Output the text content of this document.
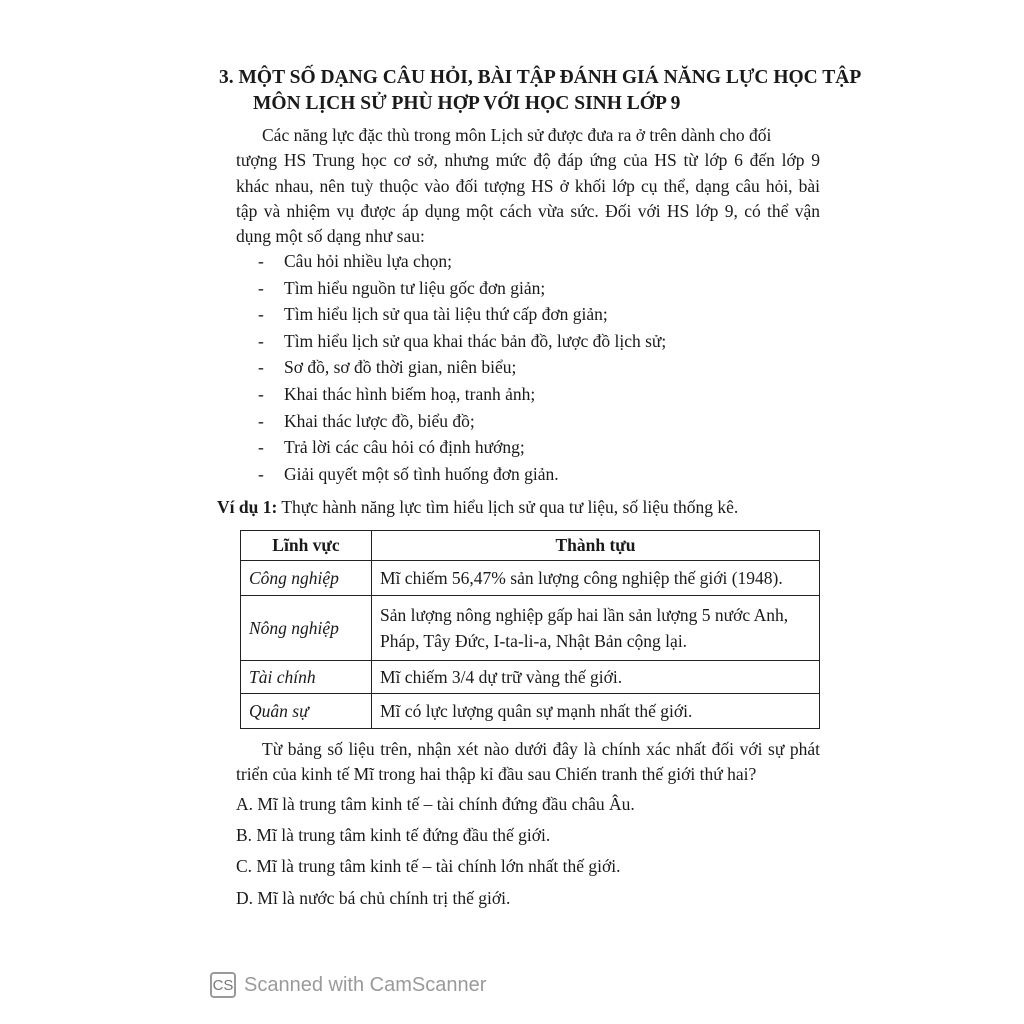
3. MỘT SỐ DẠNG CÂU HỎI, BÀI TẬP ĐÁNH GIÁ NĂNG LỰC HỌC TẬP
MÔN LỊCH SỬ PHÙ HỢP VỚI HỌC SINH LỚP 9
Các năng lực đặc thù trong môn Lịch sử được đưa ra ở trên dành cho đối
tượng HS Trung học cơ sở, nhưng mức độ đáp ứng của HS từ lớp 6 đến lớp 9
khác nhau, nên tuỳ thuộc vào đối tượng HS ở khối lớp cụ thể, dạng câu hỏi, bài
tập và nhiệm vụ được áp dụng một cách vừa sức. Đối với HS lớp 9, có thể vận
dụng một số dạng như sau:
- Câu hỏi nhiều lựa chọn;
- Tìm hiểu nguồn tư liệu gốc đơn giản;
- Tìm hiểu lịch sử qua tài liệu thứ cấp đơn giản;
- Tìm hiểu lịch sử qua khai thác bản đồ, lược đồ lịch sử;
- Sơ đồ, sơ đồ thời gian, niên biểu;
- Khai thác hình biếm hoạ, tranh ảnh;
- Khai thác lược đồ, biểu đồ;
- Trả lời các câu hỏi có định hướng;
- Giải quyết một số tình huống đơn giản.
Ví dụ 1: Thực hành năng lực tìm hiểu lịch sử qua tư liệu, số liệu thống kê.
Lĩnh vực	Thành tựu
Công nghiệp	Mĩ chiếm 56,47% sản lượng công nghiệp thế giới (1948).
Nông nghiệp	Sản lượng nông nghiệp gấp hai lần sản lượng 5 nước Anh, Pháp, Tây Đức, I-ta-li-a, Nhật Bản cộng lại.
Tài chính	Mĩ chiếm 3/4 dự trữ vàng thế giới.
Quân sự	Mĩ có lực lượng quân sự mạnh nhất thế giới.
Từ bảng số liệu trên, nhận xét nào dưới đây là chính xác nhất đối với sự phát
triển của kinh tế Mĩ trong hai thập kỉ đầu sau Chiến tranh thế giới thứ hai?
A. Mĩ là trung tâm kinh tế – tài chính đứng đầu châu Âu.
B. Mĩ là trung tâm kinh tế đứng đầu thế giới.
C. Mĩ là trung tâm kinh tế – tài chính lớn nhất thế giới.
D. Mĩ là nước bá chủ chính trị thế giới.
CS Scanned with CamScanner
